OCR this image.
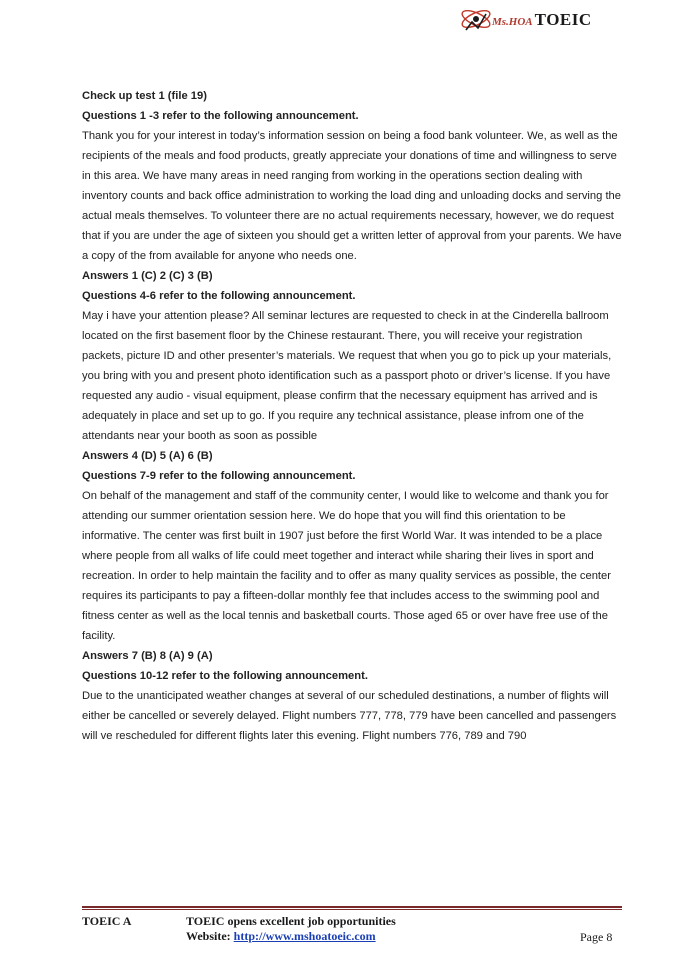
Ms.HOA TOEIC

Check up test 1 (file 19)

Questions 1 -3 refer to the following announcement.

Thank you for your interest in today’s information session on being a food bank volunteer. We, as well as the recipients of the meals and food products, greatly appreciate your donations of time and willingness to serve in this area. We have many areas in need ranging from working in the operations section dealing with inventory counts and back office administration to working the load ding and unloading docks and serving the actual meals themselves. To volunteer there are no actual requirements necessary, however, we do request that if you are under the age of sixteen you should get a written letter of approval from your parents. We have a copy of the from available for anyone who needs one.

Answers 1 (C) 2 (C) 3 (B)

Questions 4-6 refer to the following announcement.

May i have your attention please? All seminar lectures are requested to check in at the Cinderella ballroom located on the first basement floor by the Chinese restaurant. There, you will receive your registration packets, picture ID and other presenter’s materials. We request that when you go to pick up your materials, you bring with you and present photo identification such as a passport photo or driver’s license. If you have requested any audio - visual equipment, please confirm that the necessary equipment has arrived and is adequately in place and set up to go. If you require any technical assistance, please infrom one of the attendants near your booth as soon as possible

Answers 4 (D) 5 (A) 6 (B)

Questions 7-9 refer to the following announcement.

On behalf of the management and staff of the community center, I would like to welcome and thank you for attending our summer orientation session here. We do hope that you will find this orientation to be informative. The center was first built in 1907 just before the first World War. It was intended to be a place where people from all walks of life could meet together and interact while sharing their lives in sport and recreation. In order to help maintain the facility and to offer as many quality services as possible, the center requires its participants to pay a fifteen-dollar monthly fee that includes access to the swimming pool and fitness center as well as the local tennis and basketball courts. Those aged 65 or over have free use of the facility.

Answers 7 (B) 8 (A) 9 (A)

Questions 10-12 refer to the following announcement.

Due to the unanticipated weather changes at several of our scheduled destinations, a number of flights will either be cancelled or severely delayed. Flight numbers 777, 778, 779 have been cancelled and passengers will ve rescheduled for different flights later this evening. Flight numbers 776, 789 and 790

TOEIC A	TOEIC opens excellent job opportunities
Website: http://www.mshoatoeic.com	Page 8
